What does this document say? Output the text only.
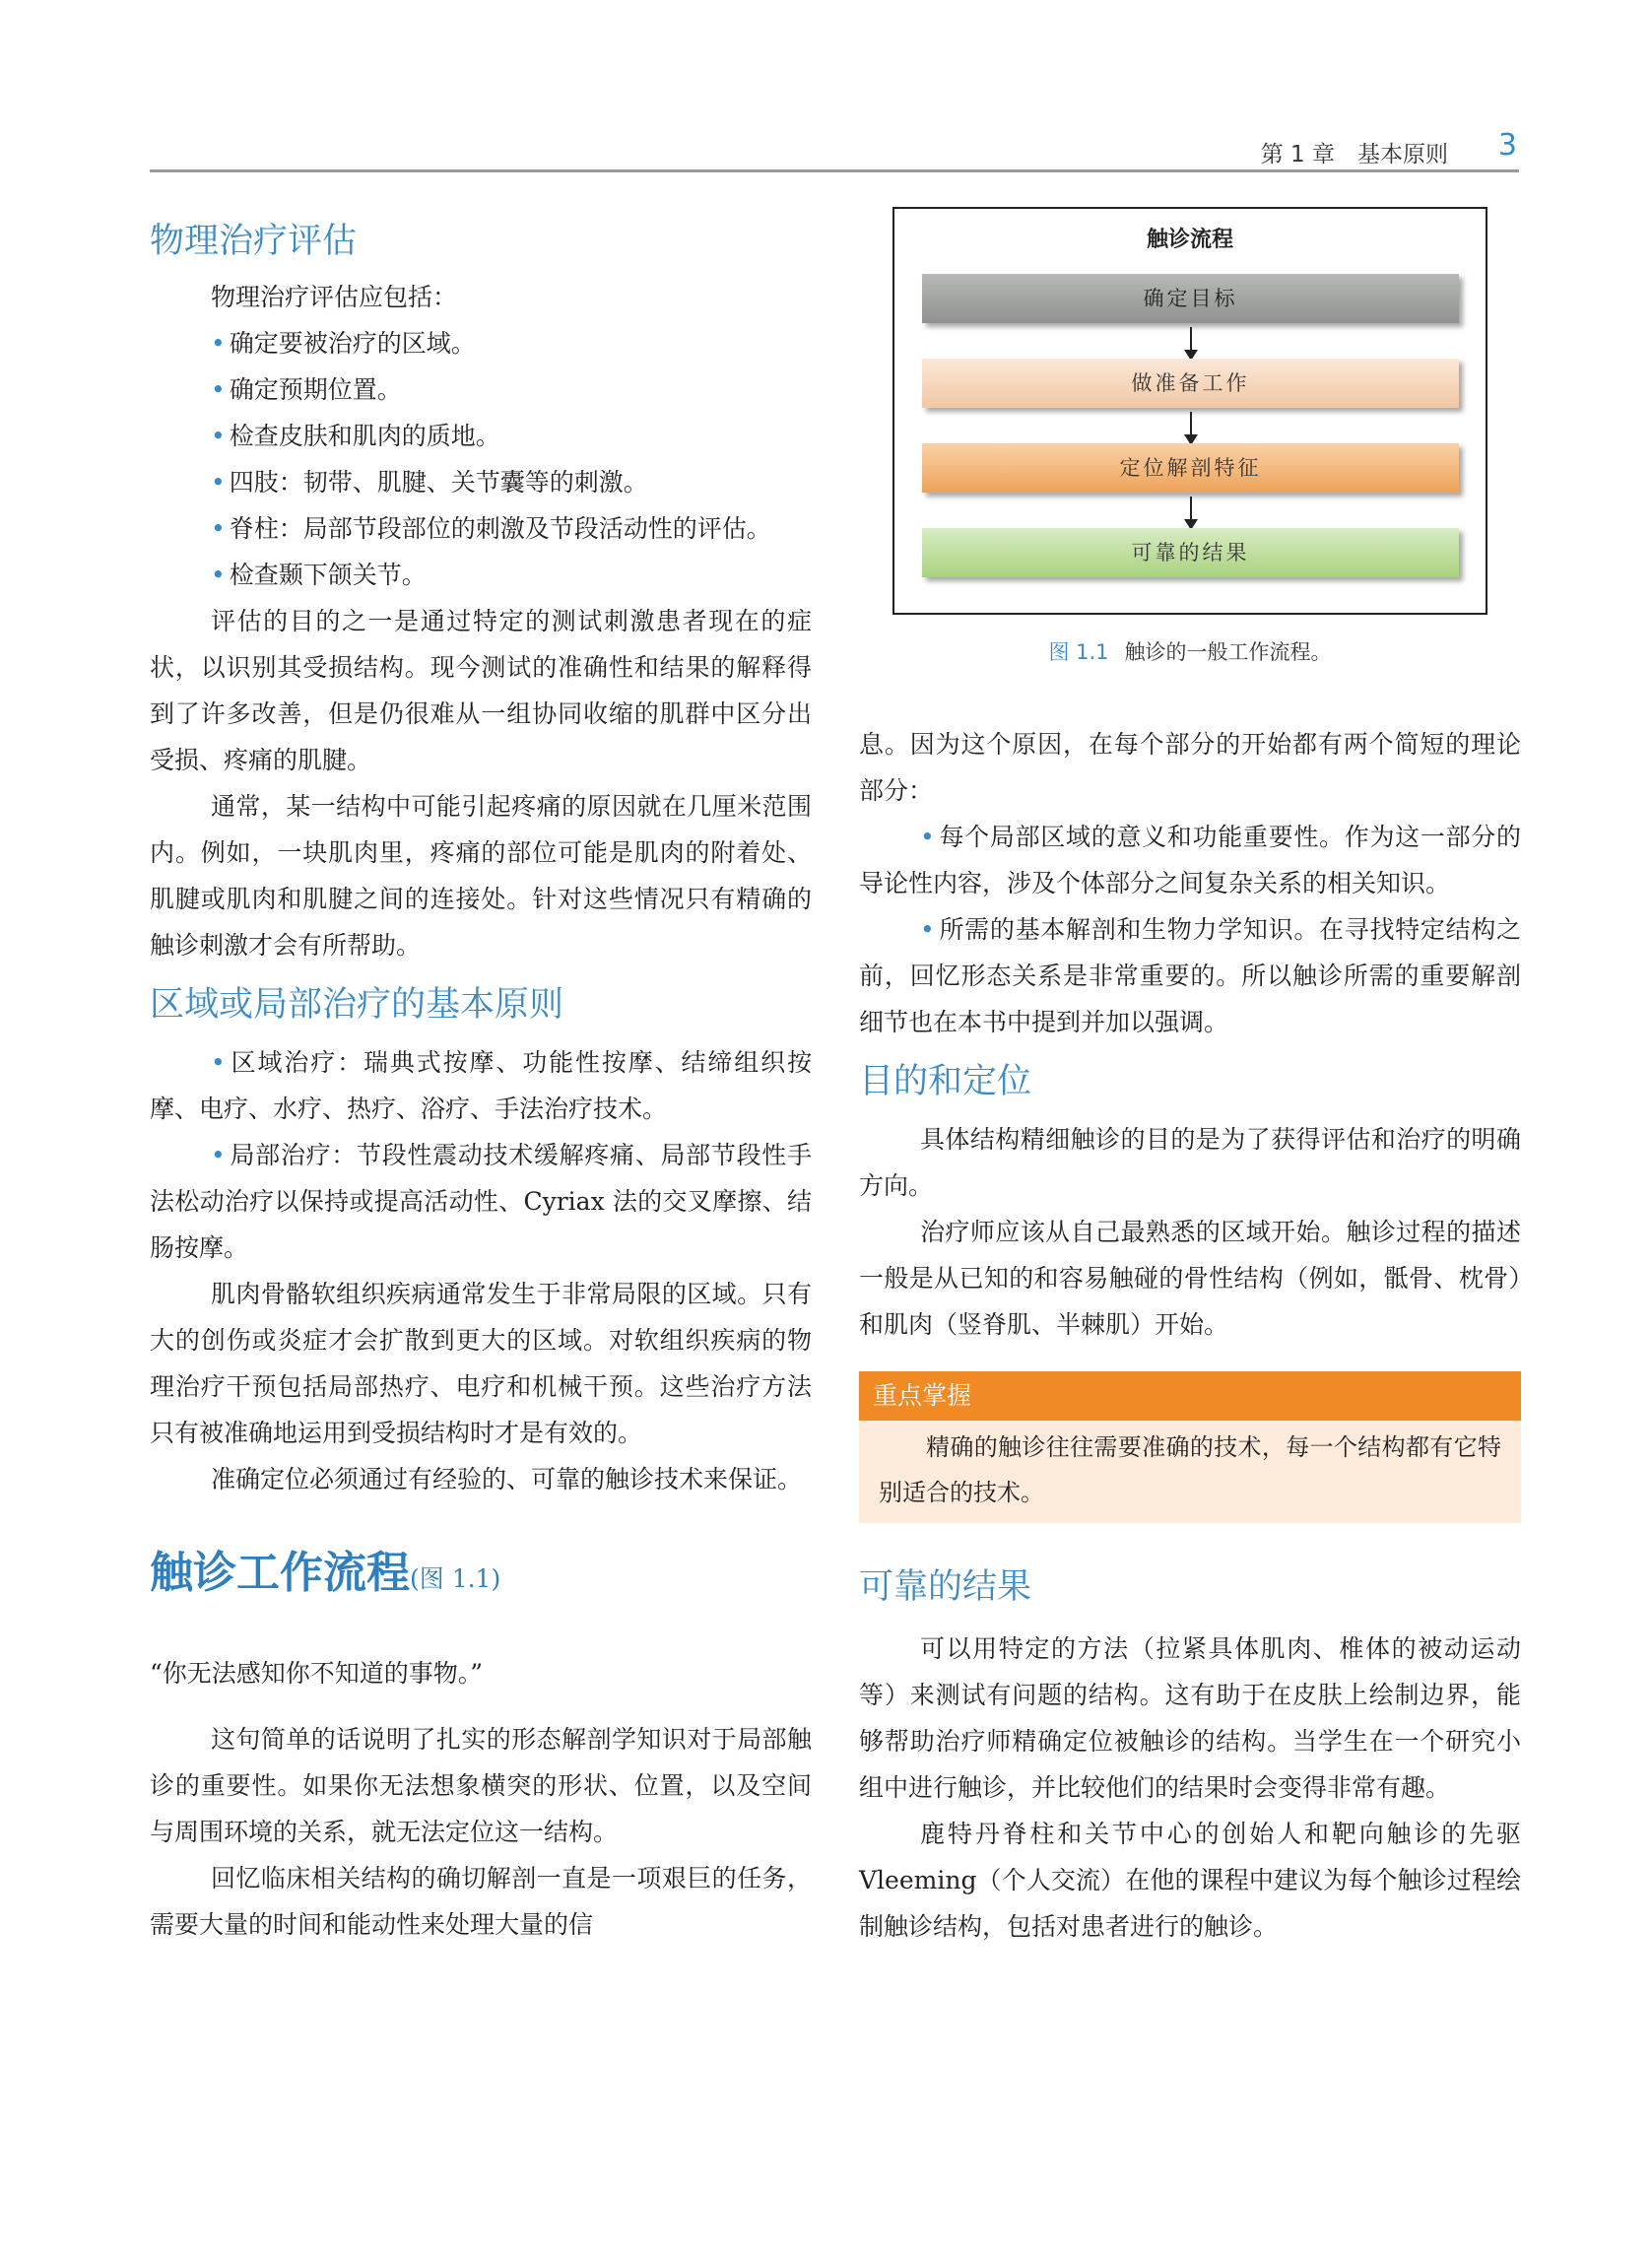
第 1 章　基本原则 3
物理治疗评估

物理治疗评估应包括：

• 确定要被治疗的区域。
• 确定预期位置。
• 检查皮肤和肌肉的质地。
• 四肢：韧带、肌腱、关节囊等的刺激。
• 脊柱：局部节段部位的刺激及节段活动性的评估。
• 检查颞下颌关节。

评估的目的之一是通过特定的测试刺激患者现在的症状，以识别其受损结构。现今测试的准确性和结果的解释得到了许多改善，但是仍很难从一组协同收缩的肌群中区分出受损、疼痛的肌腱。

通常，某一结构中可能引起疼痛的原因就在几厘米范围内。例如，一块肌肉里，疼痛的部位可能是肌肉的附着处、肌腱或肌肉和肌腱之间的连接处。针对这些情况只有精确的触诊刺激才会有所帮助。

区域或局部治疗的基本原则

• 区域治疗：瑞典式按摩、功能性按摩、结缔组织按摩、电疗、水疗、热疗、浴疗、手法治疗技术。

• 局部治疗：节段性震动技术缓解疼痛、局部节段性手法松动治疗以保持或提高活动性、Cyriax 法的交叉摩擦、结肠按摩。

肌肉骨骼软组织疾病通常发生于非常局限的区域。只有大的创伤或炎症才会扩散到更大的区域。对软组织疾病的物理治疗干预包括局部热疗、电疗和机械干预。这些治疗方法只有被准确地运用到受损结构时才是有效的。

准确定位必须通过有经验的、可靠的触诊技术来保证。

触诊工作流程(图 1.1)

“你无法感知你不知道的事物。”

这句简单的话说明了扎实的形态解剖学知识对于局部触诊的重要性。如果你无法想象横突的形状、位置，以及空间与周围环境的关系，就无法定位这一结构。

回忆临床相关结构的确切解剖一直是一项艰巨的任务，需要大量的时间和能动性来处理大量的信

触诊流程
确定目标
做准备工作
定位解剖特征
可靠的结果
图 1.1 触诊的一般工作流程。

息。因为这个原因，在每个部分的开始都有两个简短的理论部分：

• 每个局部区域的意义和功能重要性。作为这一部分的导论性内容，涉及个体部分之间复杂关系的相关知识。

• 所需的基本解剖和生物力学知识。在寻找特定结构之前，回忆形态关系是非常重要的。所以触诊所需的重要解剖细节也在本书中提到并加以强调。

目的和定位

具体结构精细触诊的目的是为了获得评估和治疗的明确方向。

治疗师应该从自己最熟悉的区域开始。触诊过程的描述一般是从已知的和容易触碰的骨性结构（例如，骶骨、枕骨）和肌肉（竖脊肌、半棘肌）开始。

重点掌握
精确的触诊往往需要准确的技术，每一个结构都有它特别适合的技术。
可靠的结果

可以用特定的方法（拉紧具体肌肉、椎体的被动运动等）来测试有问题的结构。这有助于在皮肤上绘制边界，能够帮助治疗师精确定位被触诊的结构。当学生在一个研究小组中进行触诊，并比较他们的结果时会变得非常有趣。

鹿特丹脊柱和关节中心的创始人和靶向触诊的先驱 Vleeming（个人交流）在他的课程中建议为每个触诊过程绘制触诊结构，包括对患者进行的触诊。
